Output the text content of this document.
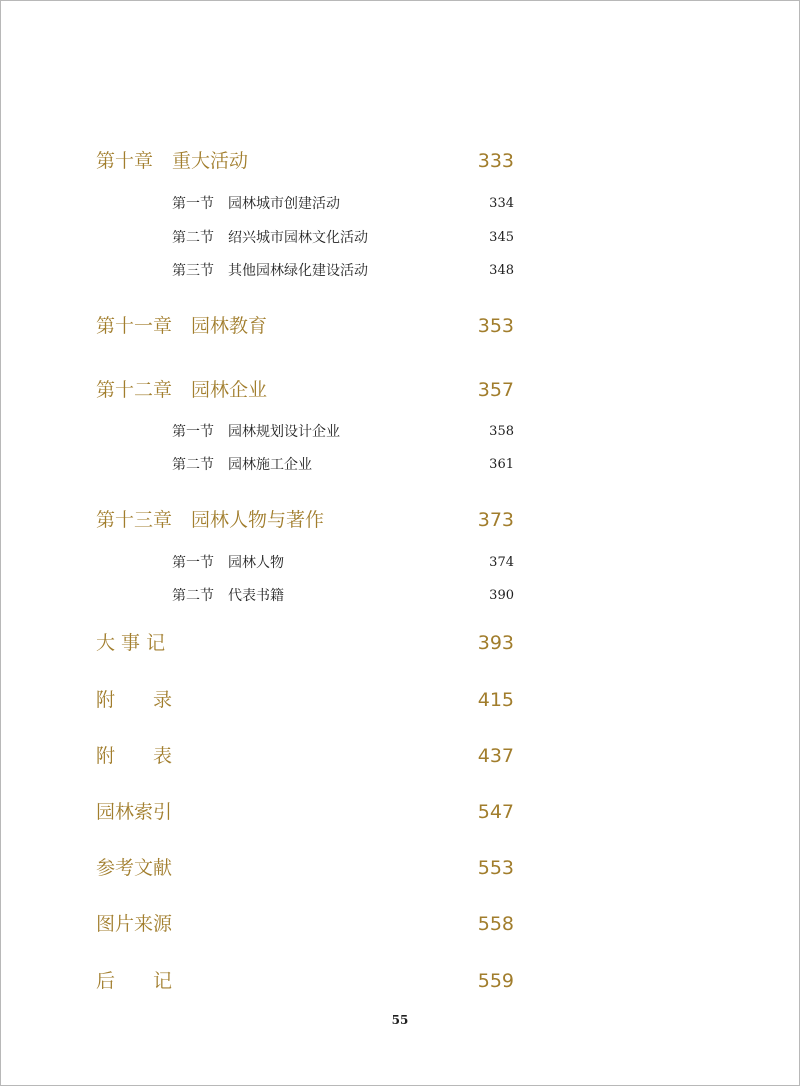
第十章　重大活动	333
第一节　园林城市创建活动	334
第二节　绍兴城市园林文化活动	345
第三节　其他园林绿化建设活动	348
第十一章　园林教育	353
第十二章　园林企业	357
第一节　园林规划设计企业	358
第二节　园林施工企业	361
第十三章　园林人物与著作	373
第一节　园林人物	374
第二节　代表书籍	390
大 事 记	393
附　　录	415
附　　表	437
园林索引	547
参考文献	553
图片来源	558
后　　记	559
55
